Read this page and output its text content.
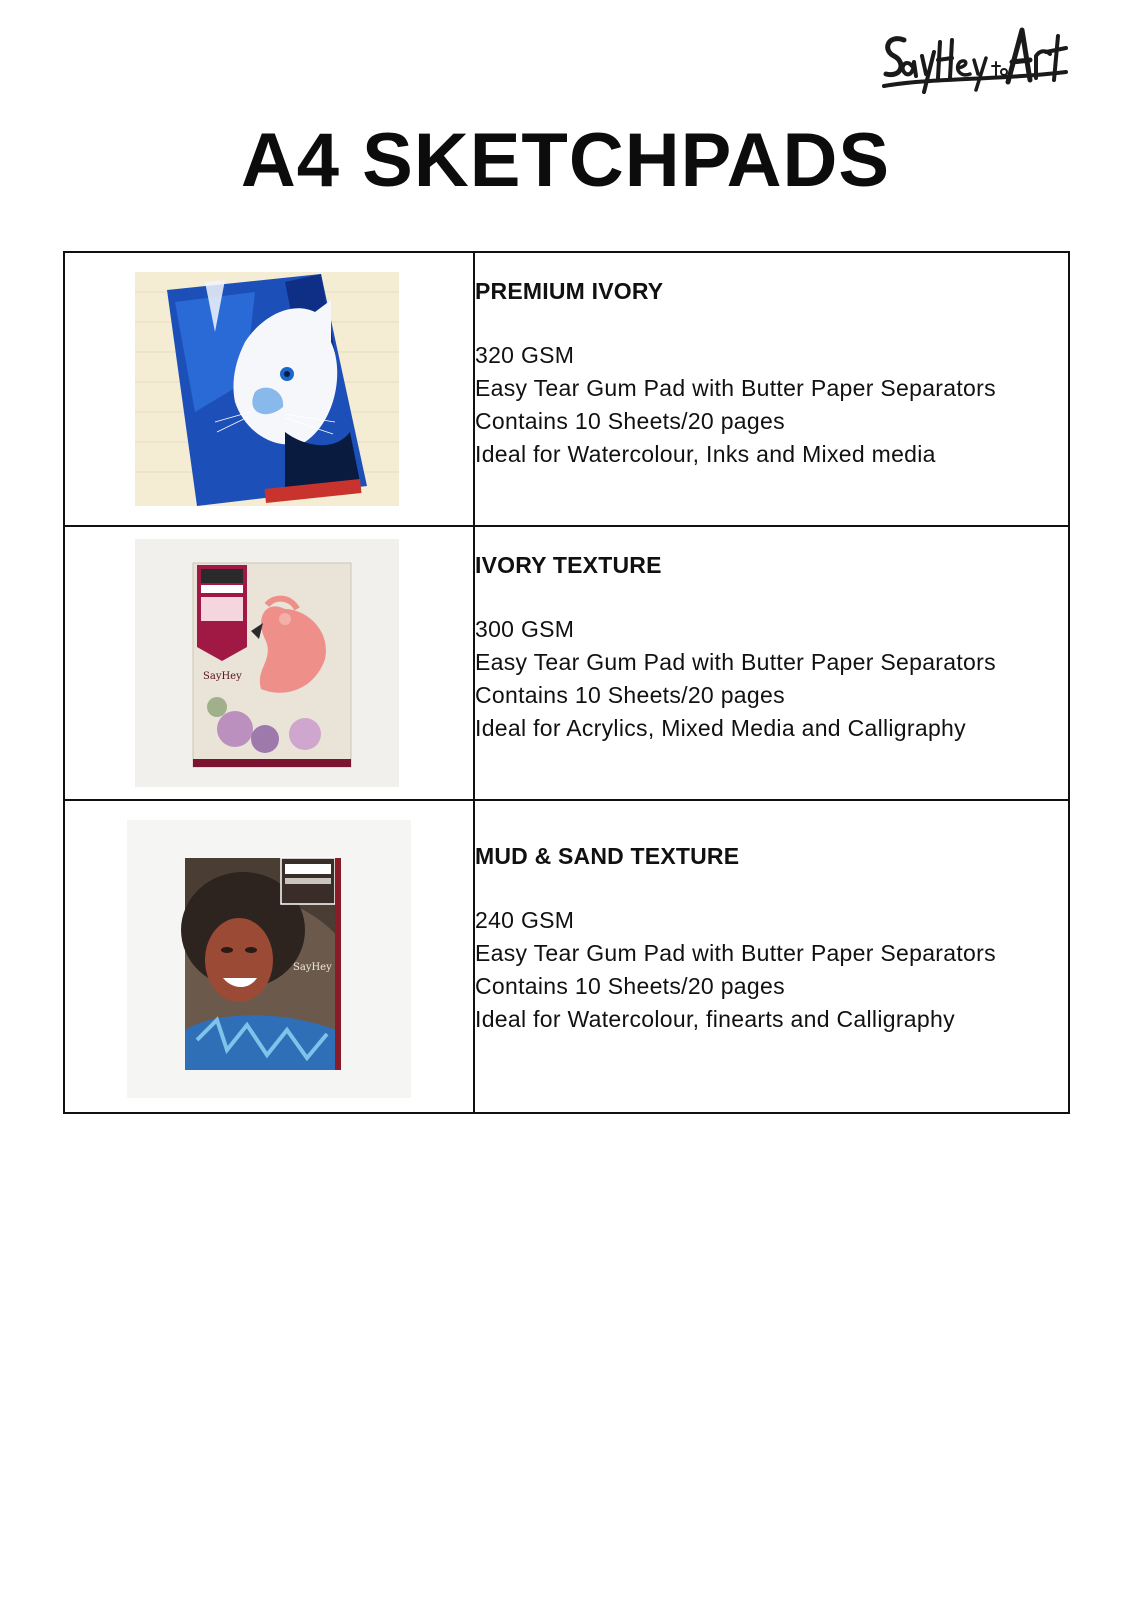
A4 SKETCHPADS

PREMIUM IVORY
320 GSM
Easy Tear Gum Pad with Butter Paper Separators
Contains 10 Sheets/20 pages
Ideal for Watercolour, Inks and Mixed media

SayHey	IVORY TEXTURE
300 GSM
Easy Tear Gum Pad with Butter Paper Separators
Contains 10 Sheets/20 pages
Ideal for Acrylics, Mixed Media and Calligraphy

SayHey	MUD & SAND TEXTURE
240 GSM
Easy Tear Gum Pad with Butter Paper Separators
Contains 10 Sheets/20 pages
Ideal for Watercolour, finearts and Calligraphy
